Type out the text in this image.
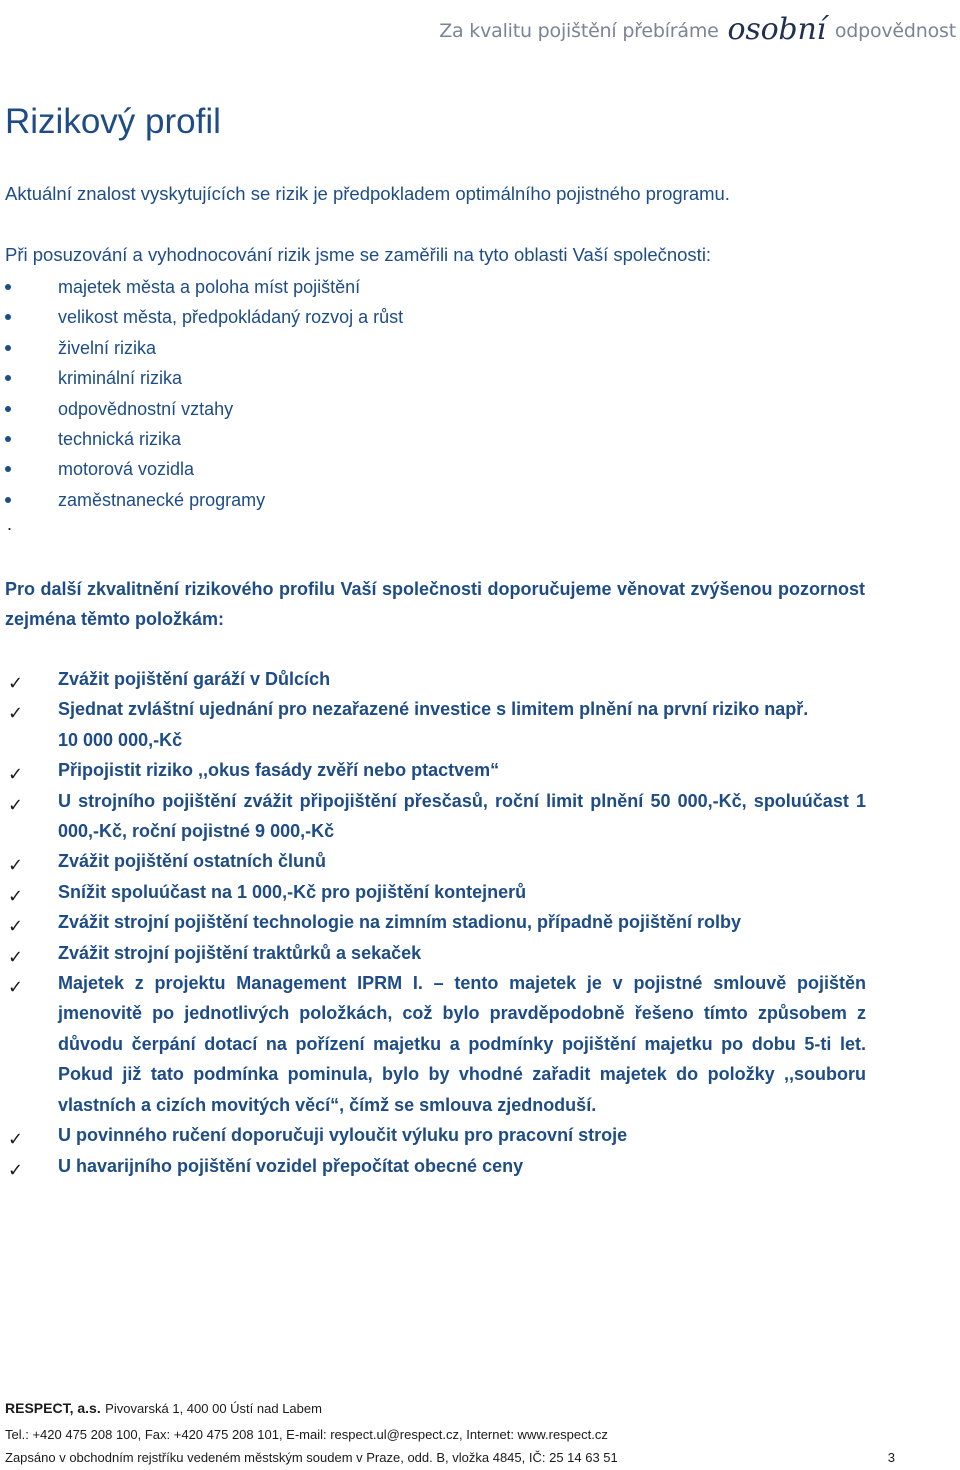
Za kvalitu pojištění přebíráme osobní odpovědnost
Rizikový profil

Aktuální znalost vyskytujících se rizik je předpokladem optimálního pojistného programu.

Při posuzování a vyhodnocování rizik jsme se zaměřili na tyto oblasti Vaší společnosti:

majetek města a poloha míst pojištění
velikost města, předpokládaný rozvoj a růst
živelní rizika
kriminální rizika
odpovědnostní vztahy
technická rizika
motorová vozidla
zaměstnanecké programy
.

Pro další zkvalitnění rizikového profilu Vaší společnosti doporučujeme věnovat zvýšenou pozornost zejména těmto položkám:

✓ Zvážit pojištění garáží v Důlcích
✓ Sjednat zvláštní ujednání pro nezařazené investice s limitem plnění na první riziko např.
10 000 000,-Kč
✓ Připojistit riziko ,,okus fasády zvěří nebo ptactvem“
✓ U strojního pojištění zvážit připojištění přesčasů, roční limit plnění 50 000,-Kč, spoluúčast 1 000,-Kč, roční pojistné 9 000,-Kč
✓ Zvážit pojištění ostatních člunů
✓ Snížit spoluúčast na 1 000,-Kč pro pojištění kontejnerů
✓ Zvážit strojní pojištění technologie na zimním stadionu, případně pojištění rolby
✓ Zvážit strojní pojištění traktůrků a sekaček
✓ Majetek z projektu Management IPRM I. – tento majetek je v pojistné smlouvě pojištěn jmenovitě po jednotlivých položkách, což bylo pravděpodobně řešeno tímto způsobem z důvodu čerpání dotací na pořízení majetku a podmínky pojištění majetku po dobu 5-ti let. Pokud již tato podmínka pominula, bylo by vhodné zařadit majetek do položky ,,souboru vlastních a cizích movitých věcí“, čímž se smlouva zjednoduší.
✓ U povinného ručení doporučuji vyloučit výluku pro pracovní stroje
✓ U havarijního pojištění vozidel přepočítat obecné ceny
RESPECT, a.s. Pivovarská 1, 400 00 Ústí nad Labem
Tel.: +420 475 208 100, Fax: +420 475 208 101, E-mail: respect.ul@respect.cz, Internet: www.respect.cz
Zapsáno v obchodním rejstříku vedeném městským soudem v Praze, odd. B, vložka 4845, IČ: 25 14 63 51	3
